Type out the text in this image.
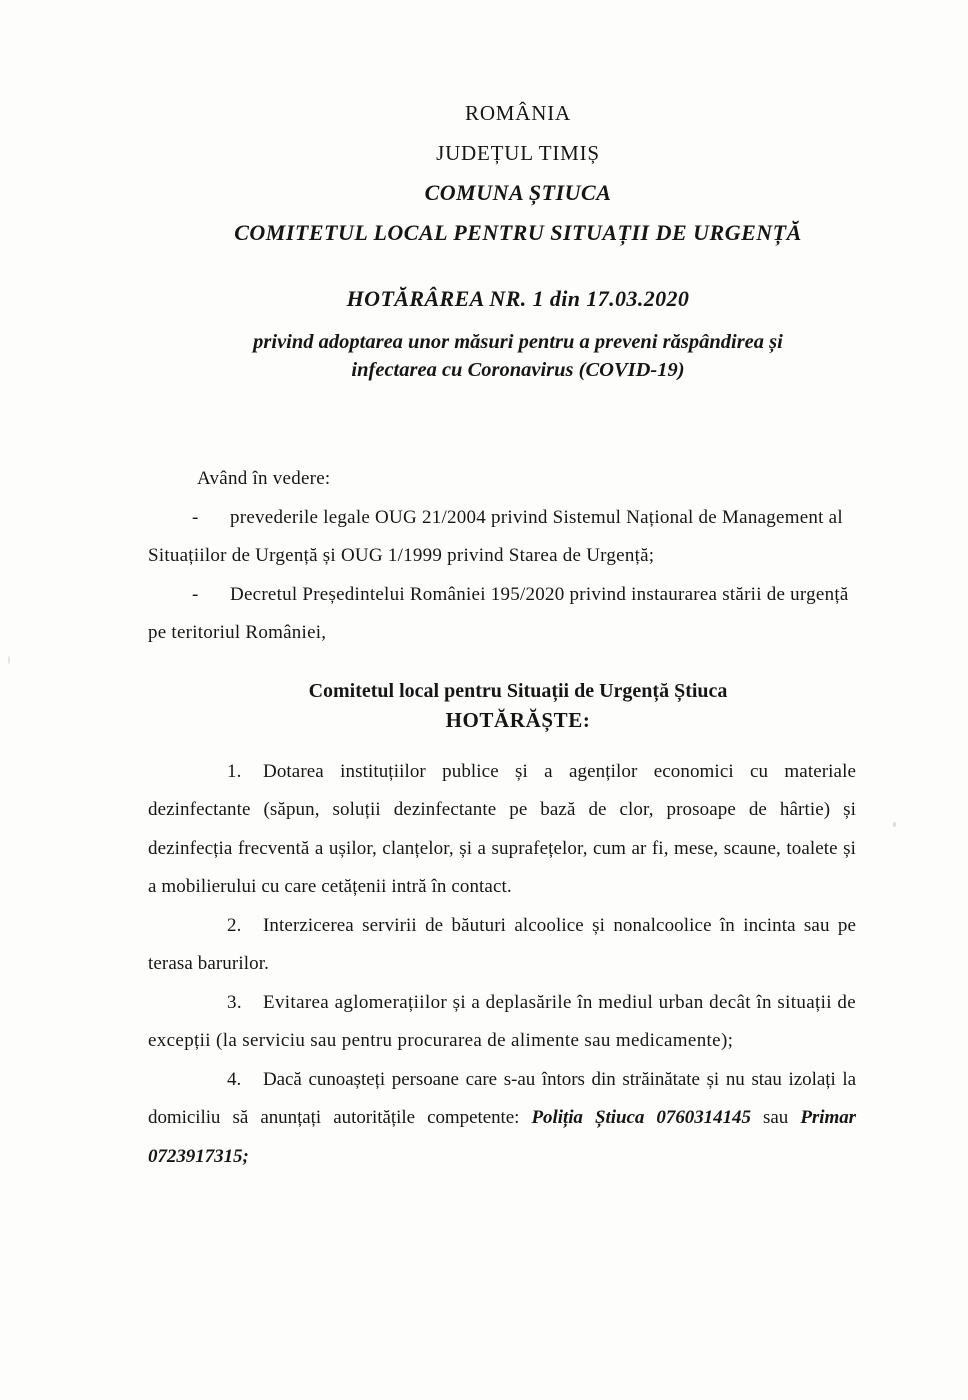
ROMÂNIA
JUDEȚUL TIMIȘ
COMUNA ȘTIUCA
COMITETUL LOCAL PENTRU SITUAȚII DE URGENȚĂ
HOTĂRÂREA NR. 1 din 17.03.2020
privind adoptarea unor măsuri pentru a preveni răspândirea și
infectarea cu Coronavirus (COVID-19)

Având în vedere:

- prevederile legale OUG 21/2004 privind Sistemul Național de Management al Situațiilor de Urgență și OUG 1/1999 privind Starea de Urgență;

- Decretul Președintelui României 195/2020 privind instaurarea stării de urgență pe teritoriul României,

Comitetul local pentru Situații de Urgență Știuca
HOTĂRĂȘTE:

1. Dotarea instituțiilor publice și a agenților economici cu materiale dezinfectante (săpun, soluții dezinfectante pe bază de clor, prosoape de hârtie) și dezinfecția frecventă a ușilor, clanțelor, și a suprafețelor, cum ar fi, mese, scaune, toalete și a mobilierului cu care cetățenii intră în contact.

2. Interzicerea servirii de băuturi alcoolice și nonalcoolice în incinta sau pe terasa barurilor.

3. Evitarea aglomerațiilor și a deplasările în mediul urban decât în situații de excepții (la serviciu sau pentru procurarea de alimente sau medicamente);

4. Dacă cunoașteți persoane care s-au întors din străinătate și nu stau izolați la domiciliu să anunțați autoritățile competente: Poliția Știuca 0760314145 sau Primar 0723917315;
